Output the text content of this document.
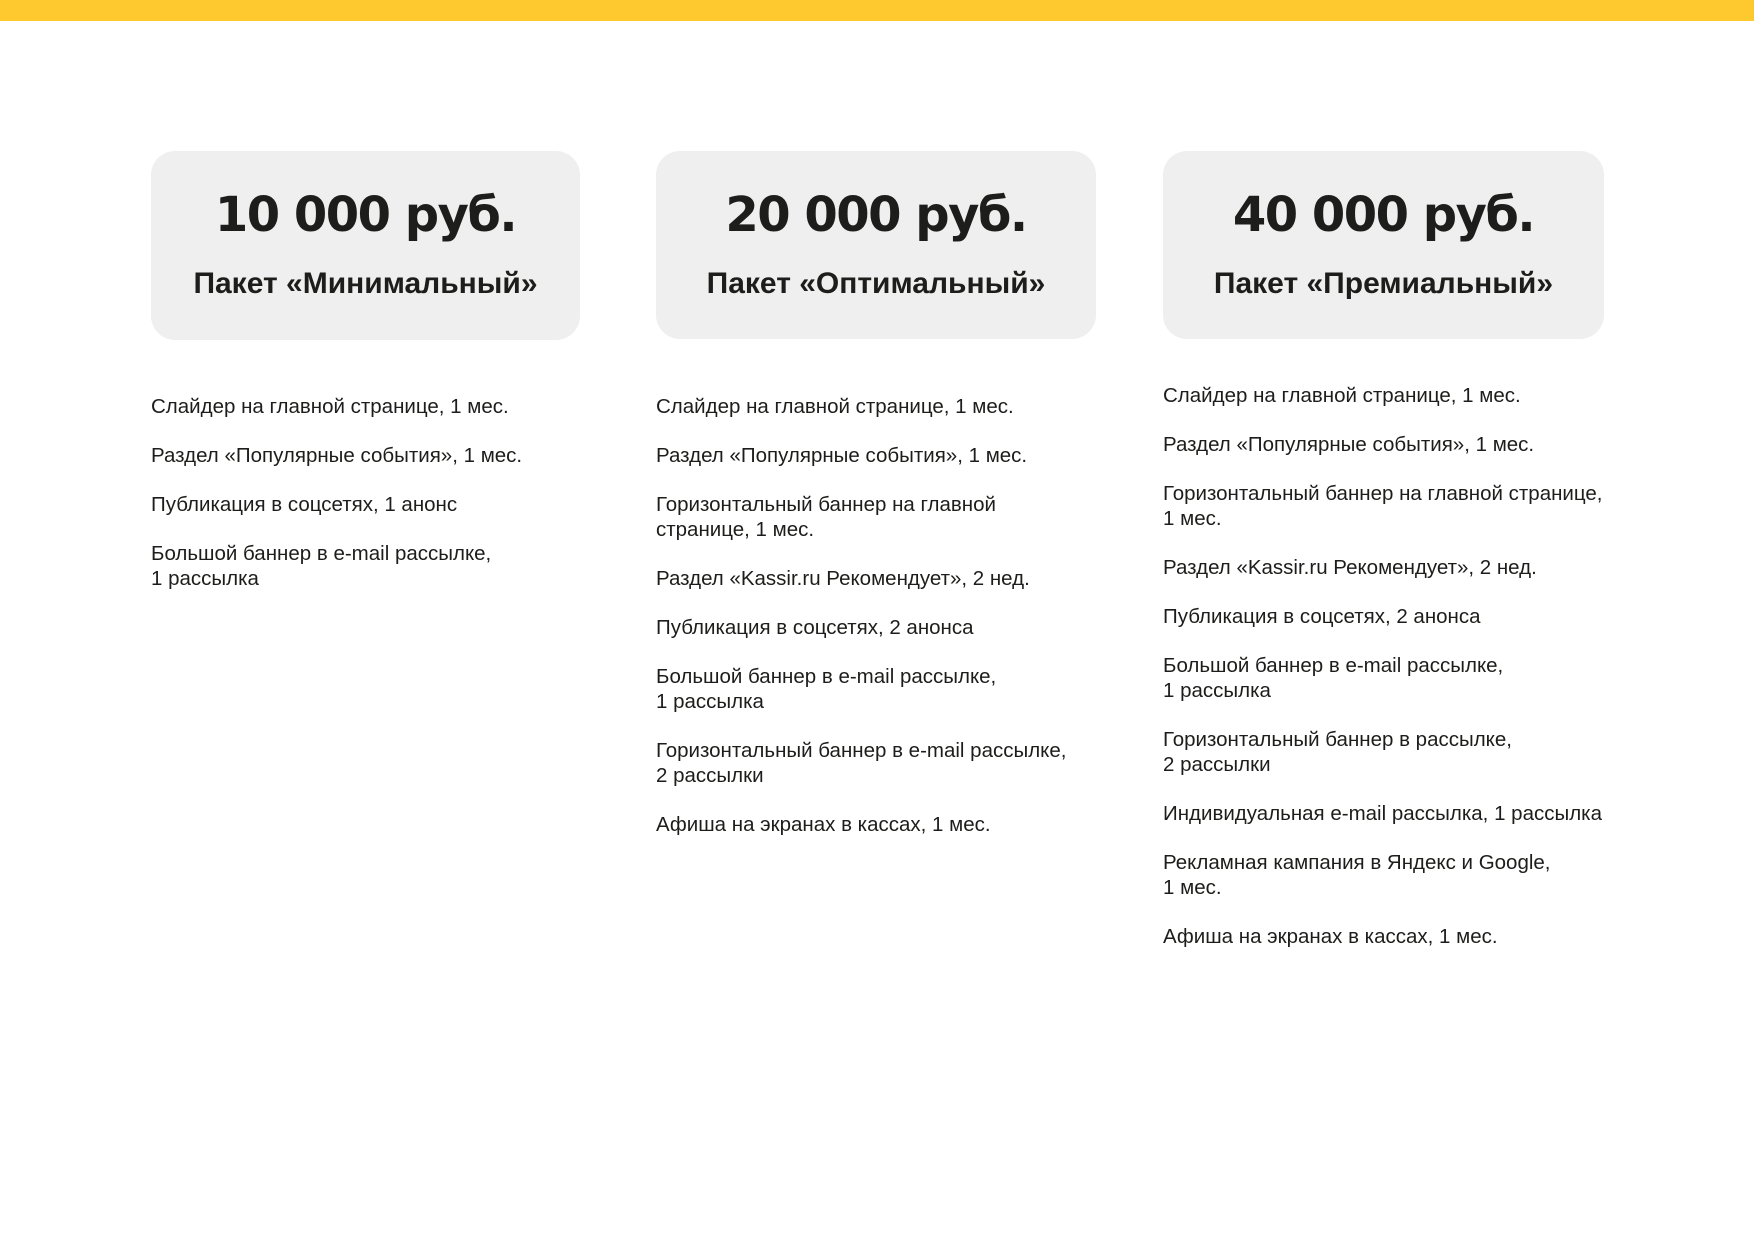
10 000 руб.
Пакет «Минимальный»
Слайдер на главной странице, 1 мес.
Раздел «Популярные события», 1 мес.
Публикация в соцсетях, 1 анонс
Большой баннер в e-mail рассылке,
1 рассылка
20 000 руб.
Пакет «Оптимальный»
Слайдер на главной странице, 1 мес.
Раздел «Популярные события», 1 мес.
Горизонтальный баннер на главной
странице, 1 мес.
Раздел «Kassir.ru Рекомендует», 2 нед.
Публикация в соцсетях, 2 анонса
Большой баннер в e-mail рассылке,
1 рассылка
Горизонтальный баннер в e-mail рассылке,
2 рассылки
Афиша на экранах в кассах, 1 мес.
40 000 руб.
Пакет «Премиальный»
Слайдер на главной странице, 1 мес.
Раздел «Популярные события», 1 мес.
Горизонтальный баннер на главной странице,
1 мес.
Раздел «Kassir.ru Рекомендует», 2 нед.
Публикация в соцсетях, 2 анонса
Большой баннер в e-mail рассылке,
1 рассылка
Горизонтальный баннер в рассылке,
2 рассылки
Индивидуальная e-mail рассылка, 1 рассылка
Рекламная кампания в Яндекс и Google,
1 мес.
Афиша на экранах в кассах, 1 мес.
